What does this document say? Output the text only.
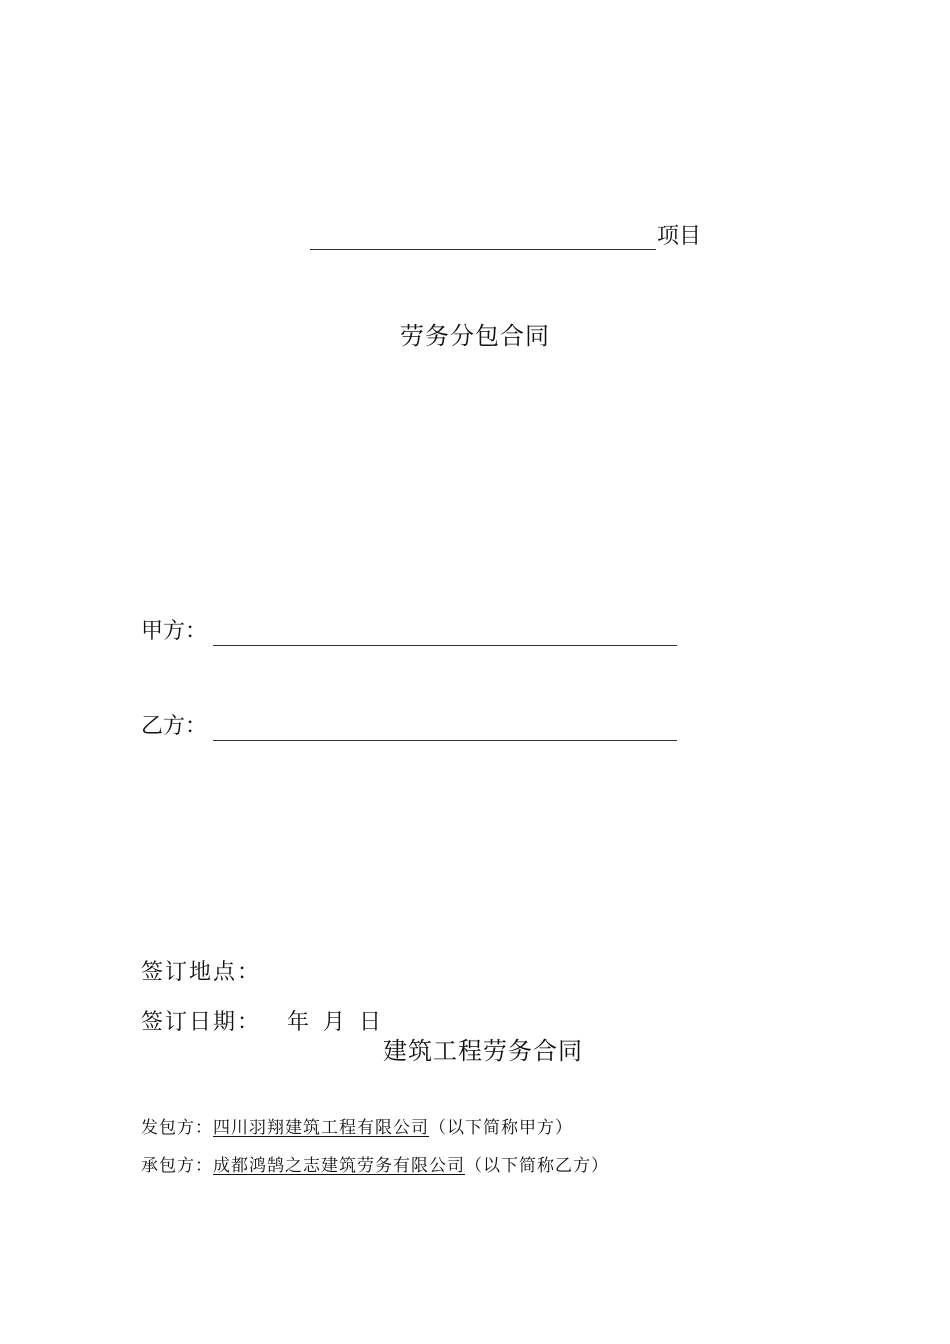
项目
劳务分包合同
甲方：
乙方：
签订地点：
签订日期： 年 月 日
建筑工程劳务合同
发包方：四川羽翔建筑工程有限公司（以下简称甲方）
承包方：成都鸿鹄之志建筑劳务有限公司（以下简称乙方）
